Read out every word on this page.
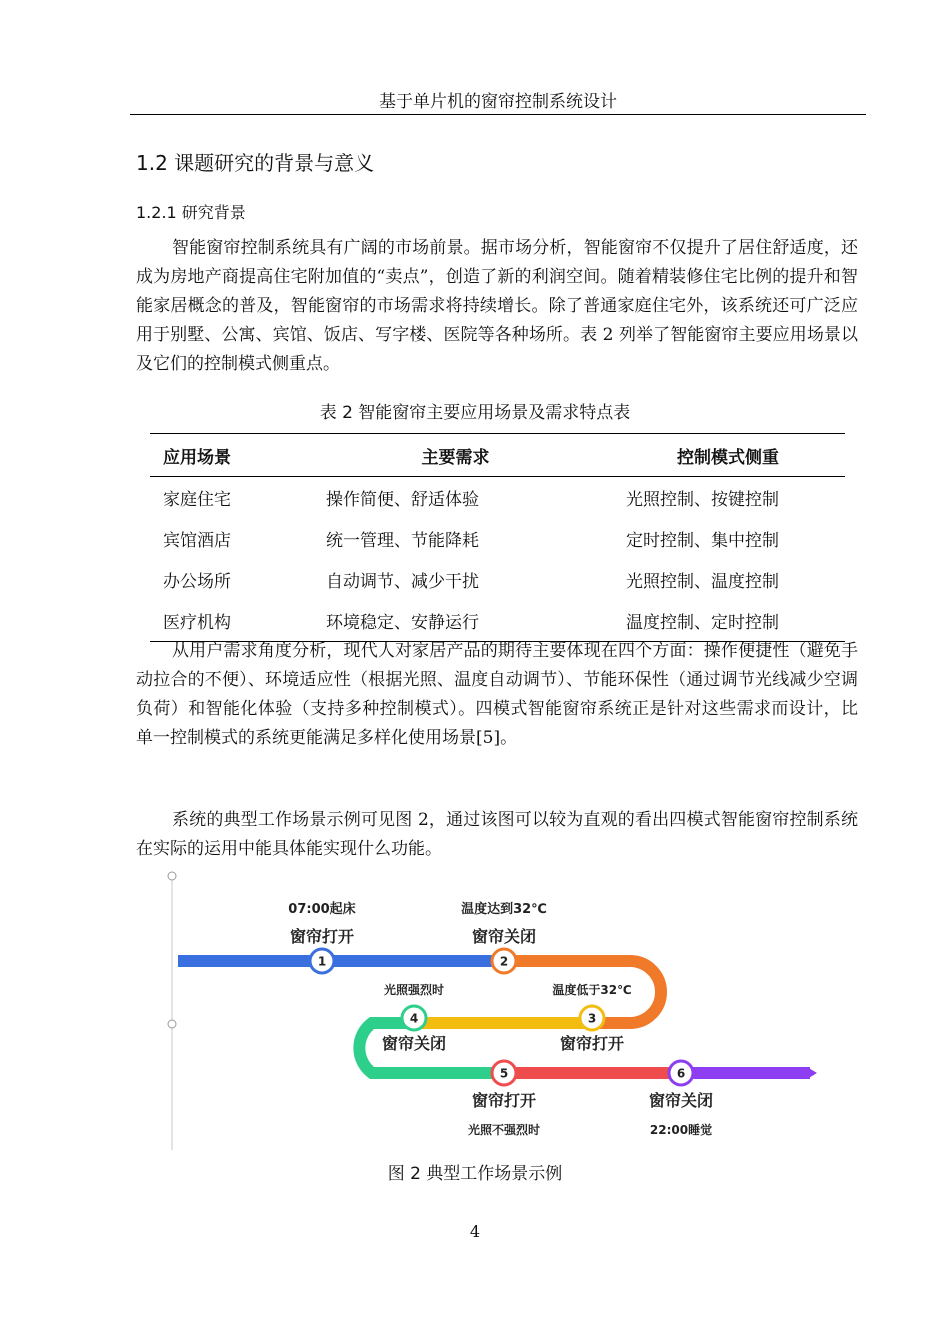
基于单片机的窗帘控制系统设计
1.2 课题研究的背景与意义
1.2.1 研究背景

智能窗帘控制系统具有广阔的市场前景。据市场分析，智能窗帘不仅提升了居住舒适度，还成为房地产商提高住宅附加值的“卖点”，创造了新的利润空间。随着精装修住宅比例的提升和智能家居概念的普及，智能窗帘的市场需求将持续增长。除了普通家庭住宅外，该系统还可广泛应用于别墅、公寓、宾馆、饭店、写字楼、医院等各种场所。表 2 列举了智能窗帘主要应用场景以及它们的控制模式侧重点。

表 2 智能窗帘主要应用场景及需求特点表
应用场景	主要需求	控制模式侧重
家庭住宅	操作简便、舒适体验	光照控制、按键控制
宾馆酒店	统一管理、节能降耗	定时控制、集中控制
办公场所	自动调节、减少干扰	光照控制、温度控制
医疗机构	环境稳定、安静运行	温度控制、定时控制

从用户需求角度分析，现代人对家居产品的期待主要体现在四个方面：操作便捷性（避免手动拉合的不便）、环境适应性（根据光照、温度自动调节）、节能环保性（通过调节光线减少空调负荷）和智能化体验（支持多种控制模式）。四模式智能窗帘系统正是针对这些需求而设计，比单一控制模式的系统更能满足多样化使用场景[5]。

系统的典型工作场景示例可见图 2，通过该图可以较为直观的看出四模式智能窗帘控制系统在实际的运用中能具体能实现什么功能。

1	2
3
4
5	6
07:00起床
窗帘打开
温度达到32℃
窗帘关闭
温度低于32℃
窗帘打开
光照强烈时
窗帘关闭
窗帘打开
光照不强烈时
窗帘关闭
22:00睡觉
图 2 典型工作场景示例
4
